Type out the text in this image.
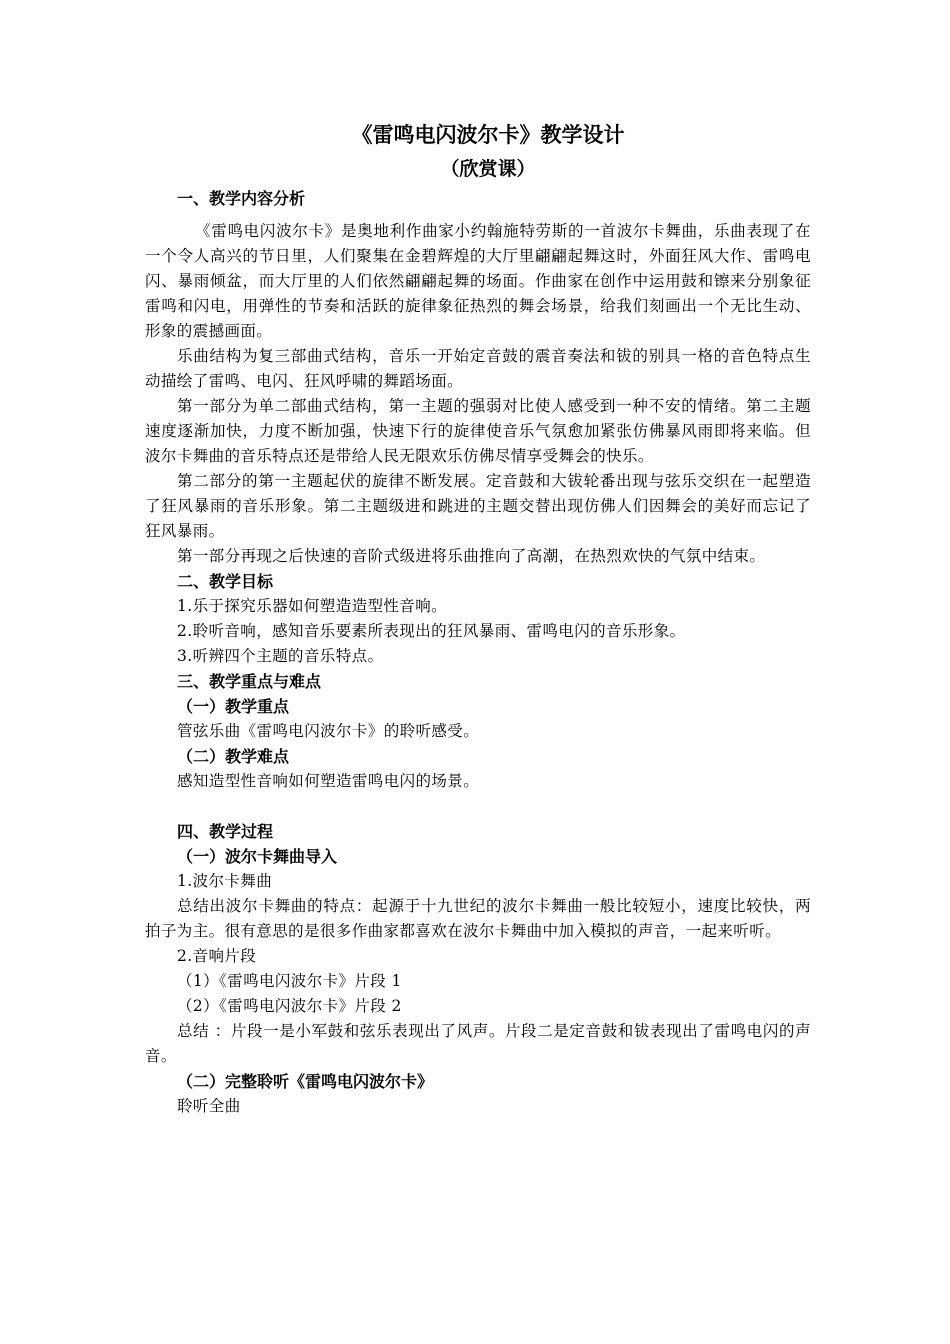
《雷鸣电闪波尔卡》教学设计
（欣赏课）
一、教学内容分析

《雷鸣电闪波尔卡》是奥地利作曲家小约翰施特劳斯的一首波尔卡舞曲，乐曲表现了在一个令人高兴的节日里，人们聚集在金碧辉煌的大厅里翩翩起舞这时，外面狂风大作、雷鸣电闪、暴雨倾盆，而大厅里的人们依然翩翩起舞的场面。作曲家在创作中运用鼓和镲来分别象征雷鸣和闪电，用弹性的节奏和活跃的旋律象征热烈的舞会场景，给我们刻画出一个无比生动、形象的震撼画面。

乐曲结构为复三部曲式结构，音乐一开始定音鼓的震音奏法和钹的别具一格的音色特点生动描绘了雷鸣、电闪、狂风呼啸的舞蹈场面。

第一部分为单二部曲式结构，第一主题的强弱对比使人感受到一种不安的情绪。第二主题速度逐渐加快，力度不断加强，快速下行的旋律使音乐气氛愈加紧张仿佛暴风雨即将来临。但波尔卡舞曲的音乐特点还是带给人民无限欢乐仿佛尽情享受舞会的快乐。

第二部分的第一主题起伏的旋律不断发展。定音鼓和大钹轮番出现与弦乐交织在一起塑造了狂风暴雨的音乐形象。第二主题级进和跳进的主题交替出现仿佛人们因舞会的美好而忘记了狂风暴雨。

第一部分再现之后快速的音阶式级进将乐曲推向了高潮，在热烈欢快的气氛中结束。

二、教学目标

1.乐于探究乐器如何塑造造型性音响。

2.聆听音响，感知音乐要素所表现出的狂风暴雨、雷鸣电闪的音乐形象。

3.听辨四个主题的音乐特点。

三、教学重点与难点
（一）教学重点

管弦乐曲《雷鸣电闪波尔卡》的聆听感受。

（二）教学难点

感知造型性音响如何塑造雷鸣电闪的场景。

四、教学过程
（一）波尔卡舞曲导入

1.波尔卡舞曲

总结出波尔卡舞曲的特点：起源于十九世纪的波尔卡舞曲一般比较短小，速度比较快，两拍子为主。很有意思的是很多作曲家都喜欢在波尔卡舞曲中加入模拟的声音，一起来听听。

2.音响片段

（1）《雷鸣电闪波尔卡》片段 1

（2）《雷鸣电闪波尔卡》片段 2

总结 ：片段一是小军鼓和弦乐表现出了风声。片段二是定音鼓和钹表现出了雷鸣电闪的声音。

（二）完整聆听《雷鸣电闪波尔卡》

聆听全曲
